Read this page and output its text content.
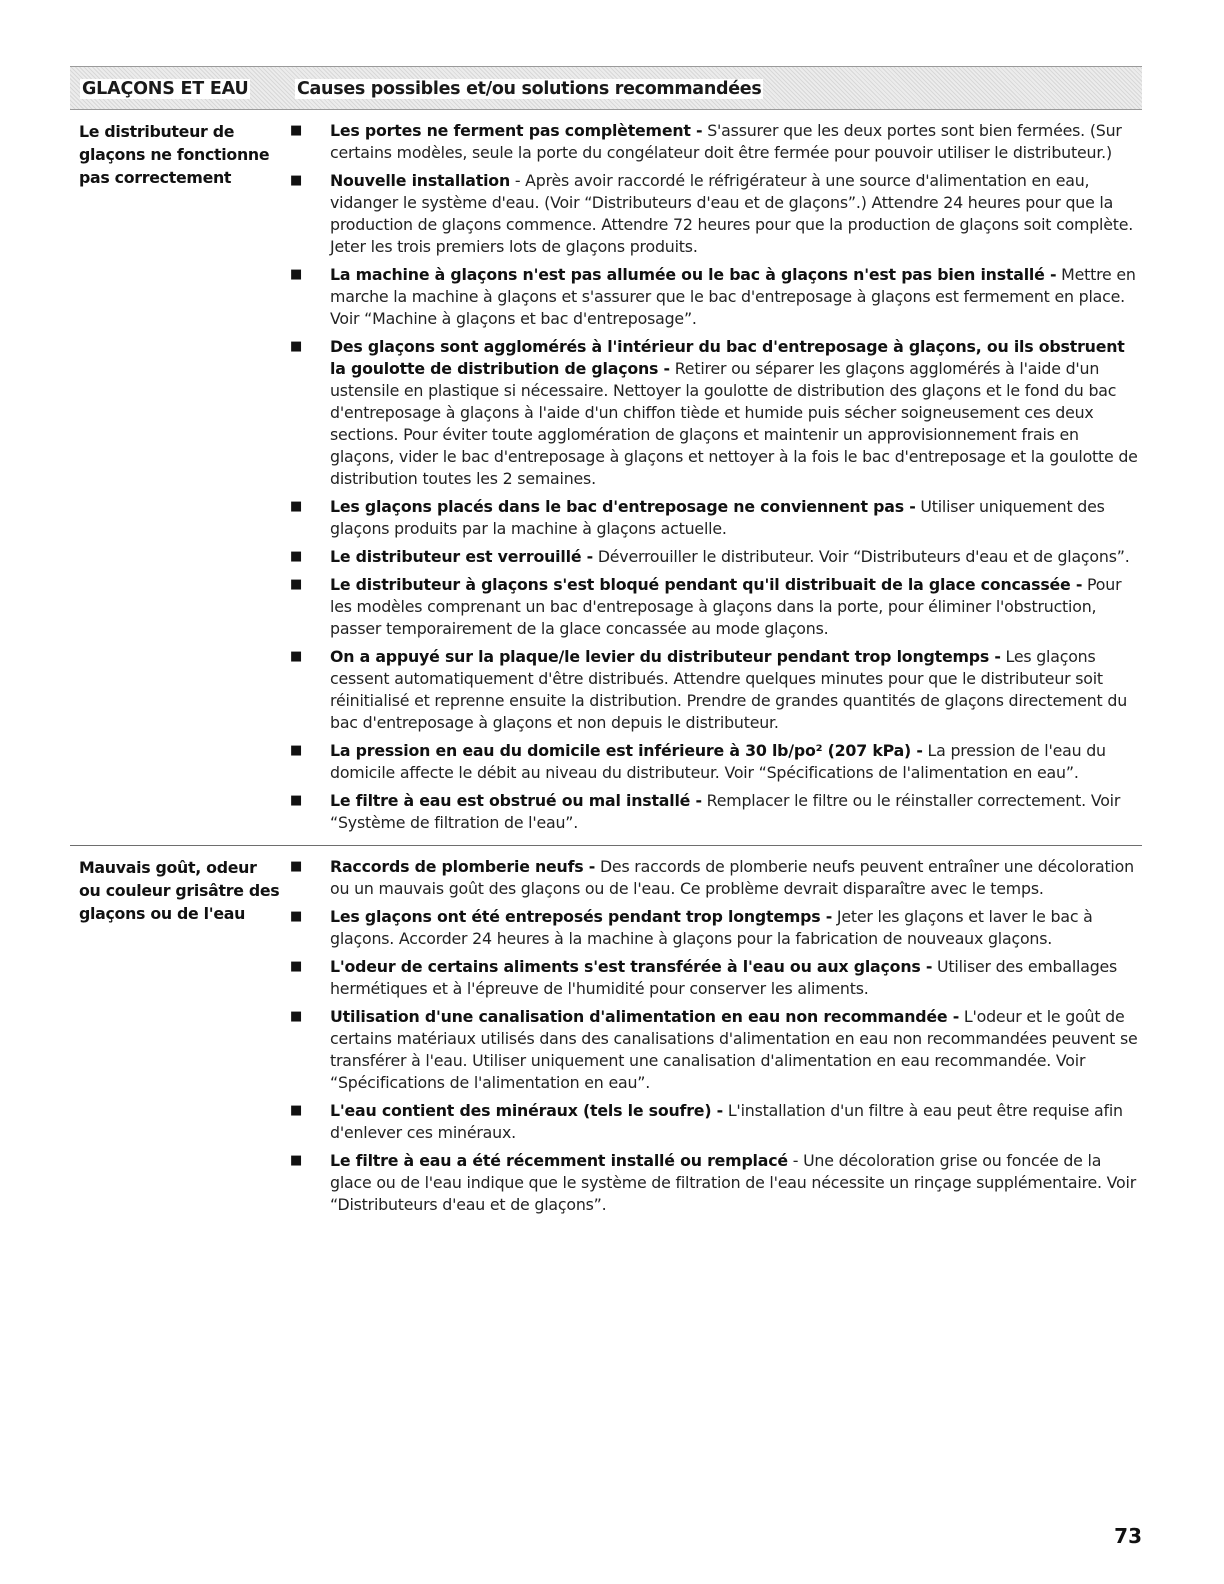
GLAÇONS ET EAU	Causes possibles et/ou solutions recommandées
Le distributeur de glaçons ne fonctionne pas correctement
■	Les portes ne ferment pas complètement - S'assurer que les deux portes sont bien fermées. (Sur certains modèles, seule la porte du congélateur doit être fermée pour pouvoir utiliser le distributeur.)
■	Nouvelle installation - Après avoir raccordé le réfrigérateur à une source d'alimentation en eau, vidanger le système d'eau. (Voir “Distributeurs d'eau et de glaçons”.) Attendre 24 heures pour que la production de glaçons commence. Attendre 72 heures pour que la production de glaçons soit complète. Jeter les trois premiers lots de glaçons produits.
■	La machine à glaçons n'est pas allumée ou le bac à glaçons n'est pas bien installé - Mettre en marche la machine à glaçons et s'assurer que le bac d'entreposage à glaçons est fermement en place. Voir “Machine à glaçons et bac d'entreposage”.
■	Des glaçons sont agglomérés à l'intérieur du bac d'entreposage à glaçons, ou ils obstruent la goulotte de distribution de glaçons - Retirer ou séparer les glaçons agglomérés à l'aide d'un ustensile en plastique si nécessaire. Nettoyer la goulotte de distribution des glaçons et le fond du bac d'entreposage à glaçons à l'aide d'un chiffon tiède et humide puis sécher soigneusement ces deux sections. Pour éviter toute agglomération de glaçons et maintenir un approvisionnement frais en glaçons, vider le bac d'entreposage à glaçons et nettoyer à la fois le bac d'entreposage et la goulotte de distribution toutes les 2 semaines.
■	Les glaçons placés dans le bac d'entreposage ne conviennent pas - Utiliser uniquement des glaçons produits par la machine à glaçons actuelle.
■	Le distributeur est verrouillé - Déverrouiller le distributeur. Voir “Distributeurs d'eau et de glaçons”.
■	Le distributeur à glaçons s'est bloqué pendant qu'il distribuait de la glace concassée - Pour les modèles comprenant un bac d'entreposage à glaçons dans la porte, pour éliminer l'obstruction, passer temporairement de la glace concassée au mode glaçons.
■	On a appuyé sur la plaque/le levier du distributeur pendant trop longtemps - Les glaçons cessent automatiquement d'être distribués. Attendre quelques minutes pour que le distributeur soit réinitialisé et reprenne ensuite la distribution. Prendre de grandes quantités de glaçons directement du bac d'entreposage à glaçons et non depuis le distributeur.
■	La pression en eau du domicile est inférieure à 30 lb/po² (207 kPa) - La pression de l'eau du domicile affecte le débit au niveau du distributeur. Voir “Spécifications de l'alimentation en eau”.
■	Le filtre à eau est obstrué ou mal installé - Remplacer le filtre ou le réinstaller correctement. Voir “Système de filtration de l'eau”.
Mauvais goût, odeur ou couleur grisâtre des glaçons ou de l'eau
■	Raccords de plomberie neufs - Des raccords de plomberie neufs peuvent entraîner une décoloration ou un mauvais goût des glaçons ou de l'eau. Ce problème devrait disparaître avec le temps.
■	Les glaçons ont été entreposés pendant trop longtemps - Jeter les glaçons et laver le bac à glaçons. Accorder 24 heures à la machine à glaçons pour la fabrication de nouveaux glaçons.
■	L'odeur de certains aliments s'est transférée à l'eau ou aux glaçons - Utiliser des emballages hermétiques et à l'épreuve de l'humidité pour conserver les aliments.
■	Utilisation d'une canalisation d'alimentation en eau non recommandée - L'odeur et le goût de certains matériaux utilisés dans des canalisations d'alimentation en eau non recommandées peuvent se transférer à l'eau. Utiliser uniquement une canalisation d'alimentation en eau recommandée. Voir “Spécifications de l'alimentation en eau”.
■	L'eau contient des minéraux (tels le soufre) - L'installation d'un filtre à eau peut être requise afin d'enlever ces minéraux.
■	Le filtre à eau a été récemment installé ou remplacé - Une décoloration grise ou foncée de la glace ou de l'eau indique que le système de filtration de l'eau nécessite un rinçage supplémentaire. Voir “Distributeurs d'eau et de glaçons”.
73
